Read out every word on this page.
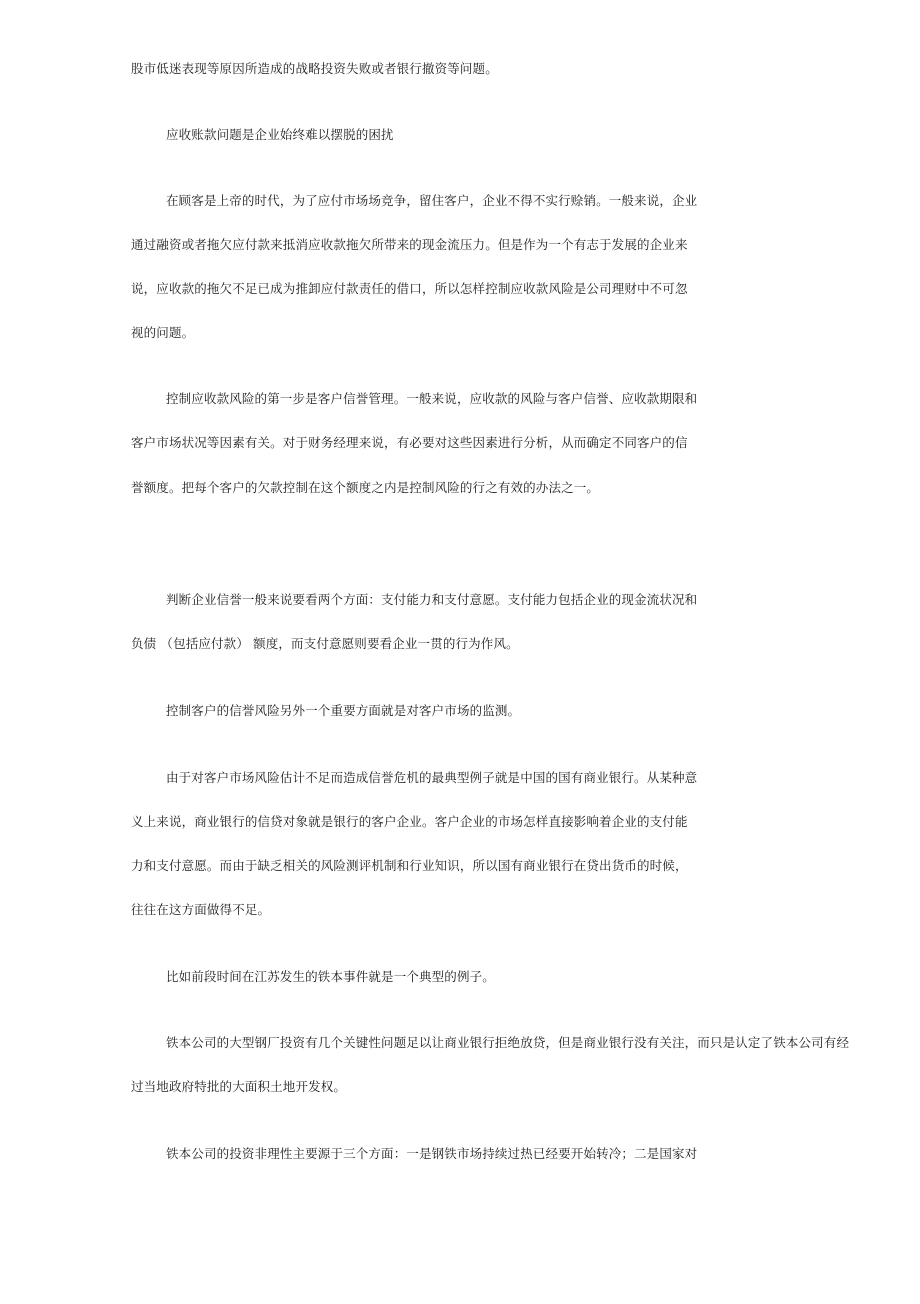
股市低迷表现等原因所造成的战略投资失败或者银行撤资等问题。
应收账款问题是企业始终难以摆脱的困扰
在顾客是上帝的时代，为了应付市场场竞争，留住客户，企业不得不实行赊销。一般来说，企业
通过融资或者拖欠应付款来抵消应收款拖欠所带来的现金流压力。但是作为一个有志于发展的企业来
说，应收款的拖欠不足已成为推卸应付款责任的借口，所以怎样控制应收款风险是公司理财中不可忽
视的问题。
控制应收款风险的第一步是客户信誉管理。一般来说，应收款的风险与客户信誉、应收款期限和
客户市场状况等因素有关。对于财务经理来说，有必要对这些因素进行分析，从而确定不同客户的信
誉额度。把每个客户的欠款控制在这个额度之内是控制风险的行之有效的办法之一。
判断企业信誉一般来说要看两个方面：支付能力和支付意愿。支付能力包括企业的现金流状况和
负债 （包括应付款） 额度，而支付意愿则要看企业一贯的行为作风。
控制客户的信誉风险另外一个重要方面就是对客户市场的监测。
由于对客户市场风险估计不足而造成信誉危机的最典型例子就是中国的国有商业银行。从某种意
义上来说，商业银行的信贷对象就是银行的客户企业。客户企业的市场怎样直接影响着企业的支付能
力和支付意愿。而由于缺乏相关的风险测评机制和行业知识，所以国有商业银行在贷出货币的时候，
往往在这方面做得不足。
比如前段时间在江苏发生的铁本事件就是一个典型的例子。
铁本公司的大型钢厂投资有几个关键性问题足以让商业银行拒绝放贷，但是商业银行没有关注，而只是认定了铁本公司有经
过当地政府特批的大面积土地开发权。
铁本公司的投资非理性主要源于三个方面：一是钢铁市场持续过热已经要开始转冷；二是国家对
